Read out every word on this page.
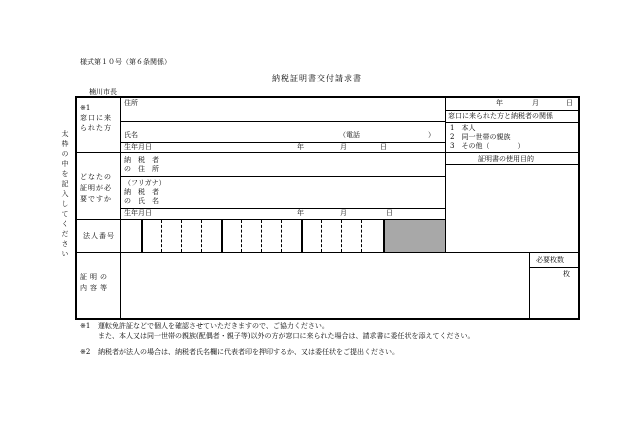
様式第１０号（第６条関係）
納税証明書交付請求書
楠川市長
太枠の中を記入してください
※1
窓口に来られた方
住所
氏名	（電話	）
生年月日	年	月	日
年	月	日
窓口に来られた方と納税者の関係
1　本人
2　同一世帯の親族
3　その他（　　　　）
どなたの証明が必要ですか
納　税　者
の　住　所
（フリガナ）
納　税　者
の　氏　名
生年月日	年	月	日
法人番号
証明書の使用目的
証明の内容等
必要枚数
枚
※1 運転免許証などで個人を確認させていただきますので、ご協力ください。
また、本人又は同一世帯の親族(配偶者・親子等)以外の方が窓口に来られた場合は、請求書に委任状を添えてください。
※2 納税者が法人の場合は、納税者氏名欄に代表者印を押印するか、又は委任状をご提出ください。
